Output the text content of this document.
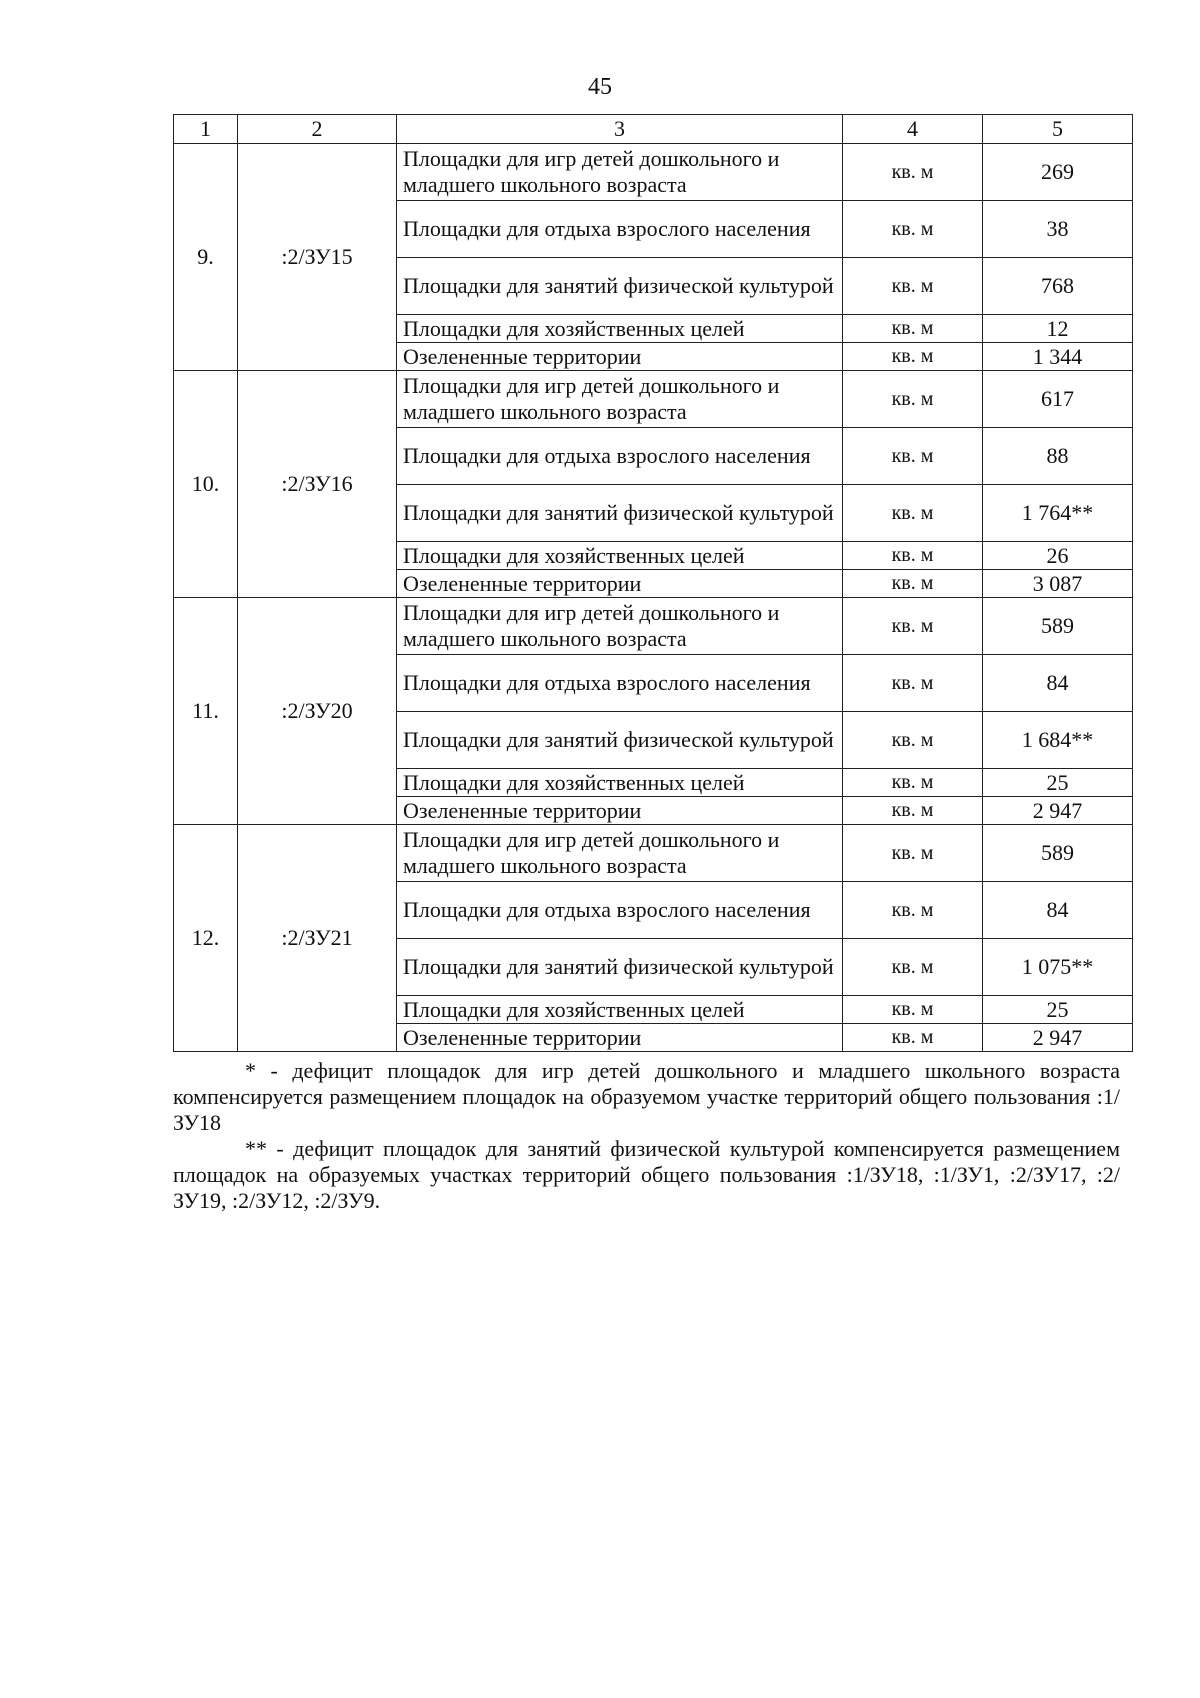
45
1	2	3	4	5
9.	:2/ЗУ15	Площадки для игр детей дошкольного и младшего школьного возраста	кв. м	269
		Площадки для отдыха взрослого населения	кв. м	38
		Площадки для занятий физической культурой	кв. м	768
		Площадки для хозяйственных целей	кв. м	12
		Озелененные территории	кв. м	1 344
10.	:2/ЗУ16	Площадки для игр детей дошкольного и младшего школьного возраста	кв. м	617
		Площадки для отдыха взрослого населения	кв. м	88
		Площадки для занятий физической культурой	кв. м	1 764**
		Площадки для хозяйственных целей	кв. м	26
		Озелененные территории	кв. м	3 087
11.	:2/ЗУ20	Площадки для игр детей дошкольного и младшего школьного возраста	кв. м	589
		Площадки для отдыха взрослого населения	кв. м	84
		Площадки для занятий физической культурой	кв. м	1 684**
		Площадки для хозяйственных целей	кв. м	25
		Озелененные территории	кв. м	2 947
12.	:2/ЗУ21	Площадки для игр детей дошкольного и младшего школьного возраста	кв. м	589
		Площадки для отдыха взрослого населения	кв. м	84
		Площадки для занятий физической культурой	кв. м	1 075**
		Площадки для хозяйственных целей	кв. м	25
		Озелененные территории	кв. м	2 947

* - дефицит площадок для игр детей дошкольного и младшего школьного возраста компенсируется размещением площадок на образуемом участке территорий общего пользования :1/ЗУ18

** - дефицит площадок для занятий физической культурой компенсируется размещением площадок на образуемых участках территорий общего пользования :1/ЗУ18, :1/ЗУ1, :2/ЗУ17, :2/ЗУ19, :2/ЗУ12, :2/ЗУ9.
